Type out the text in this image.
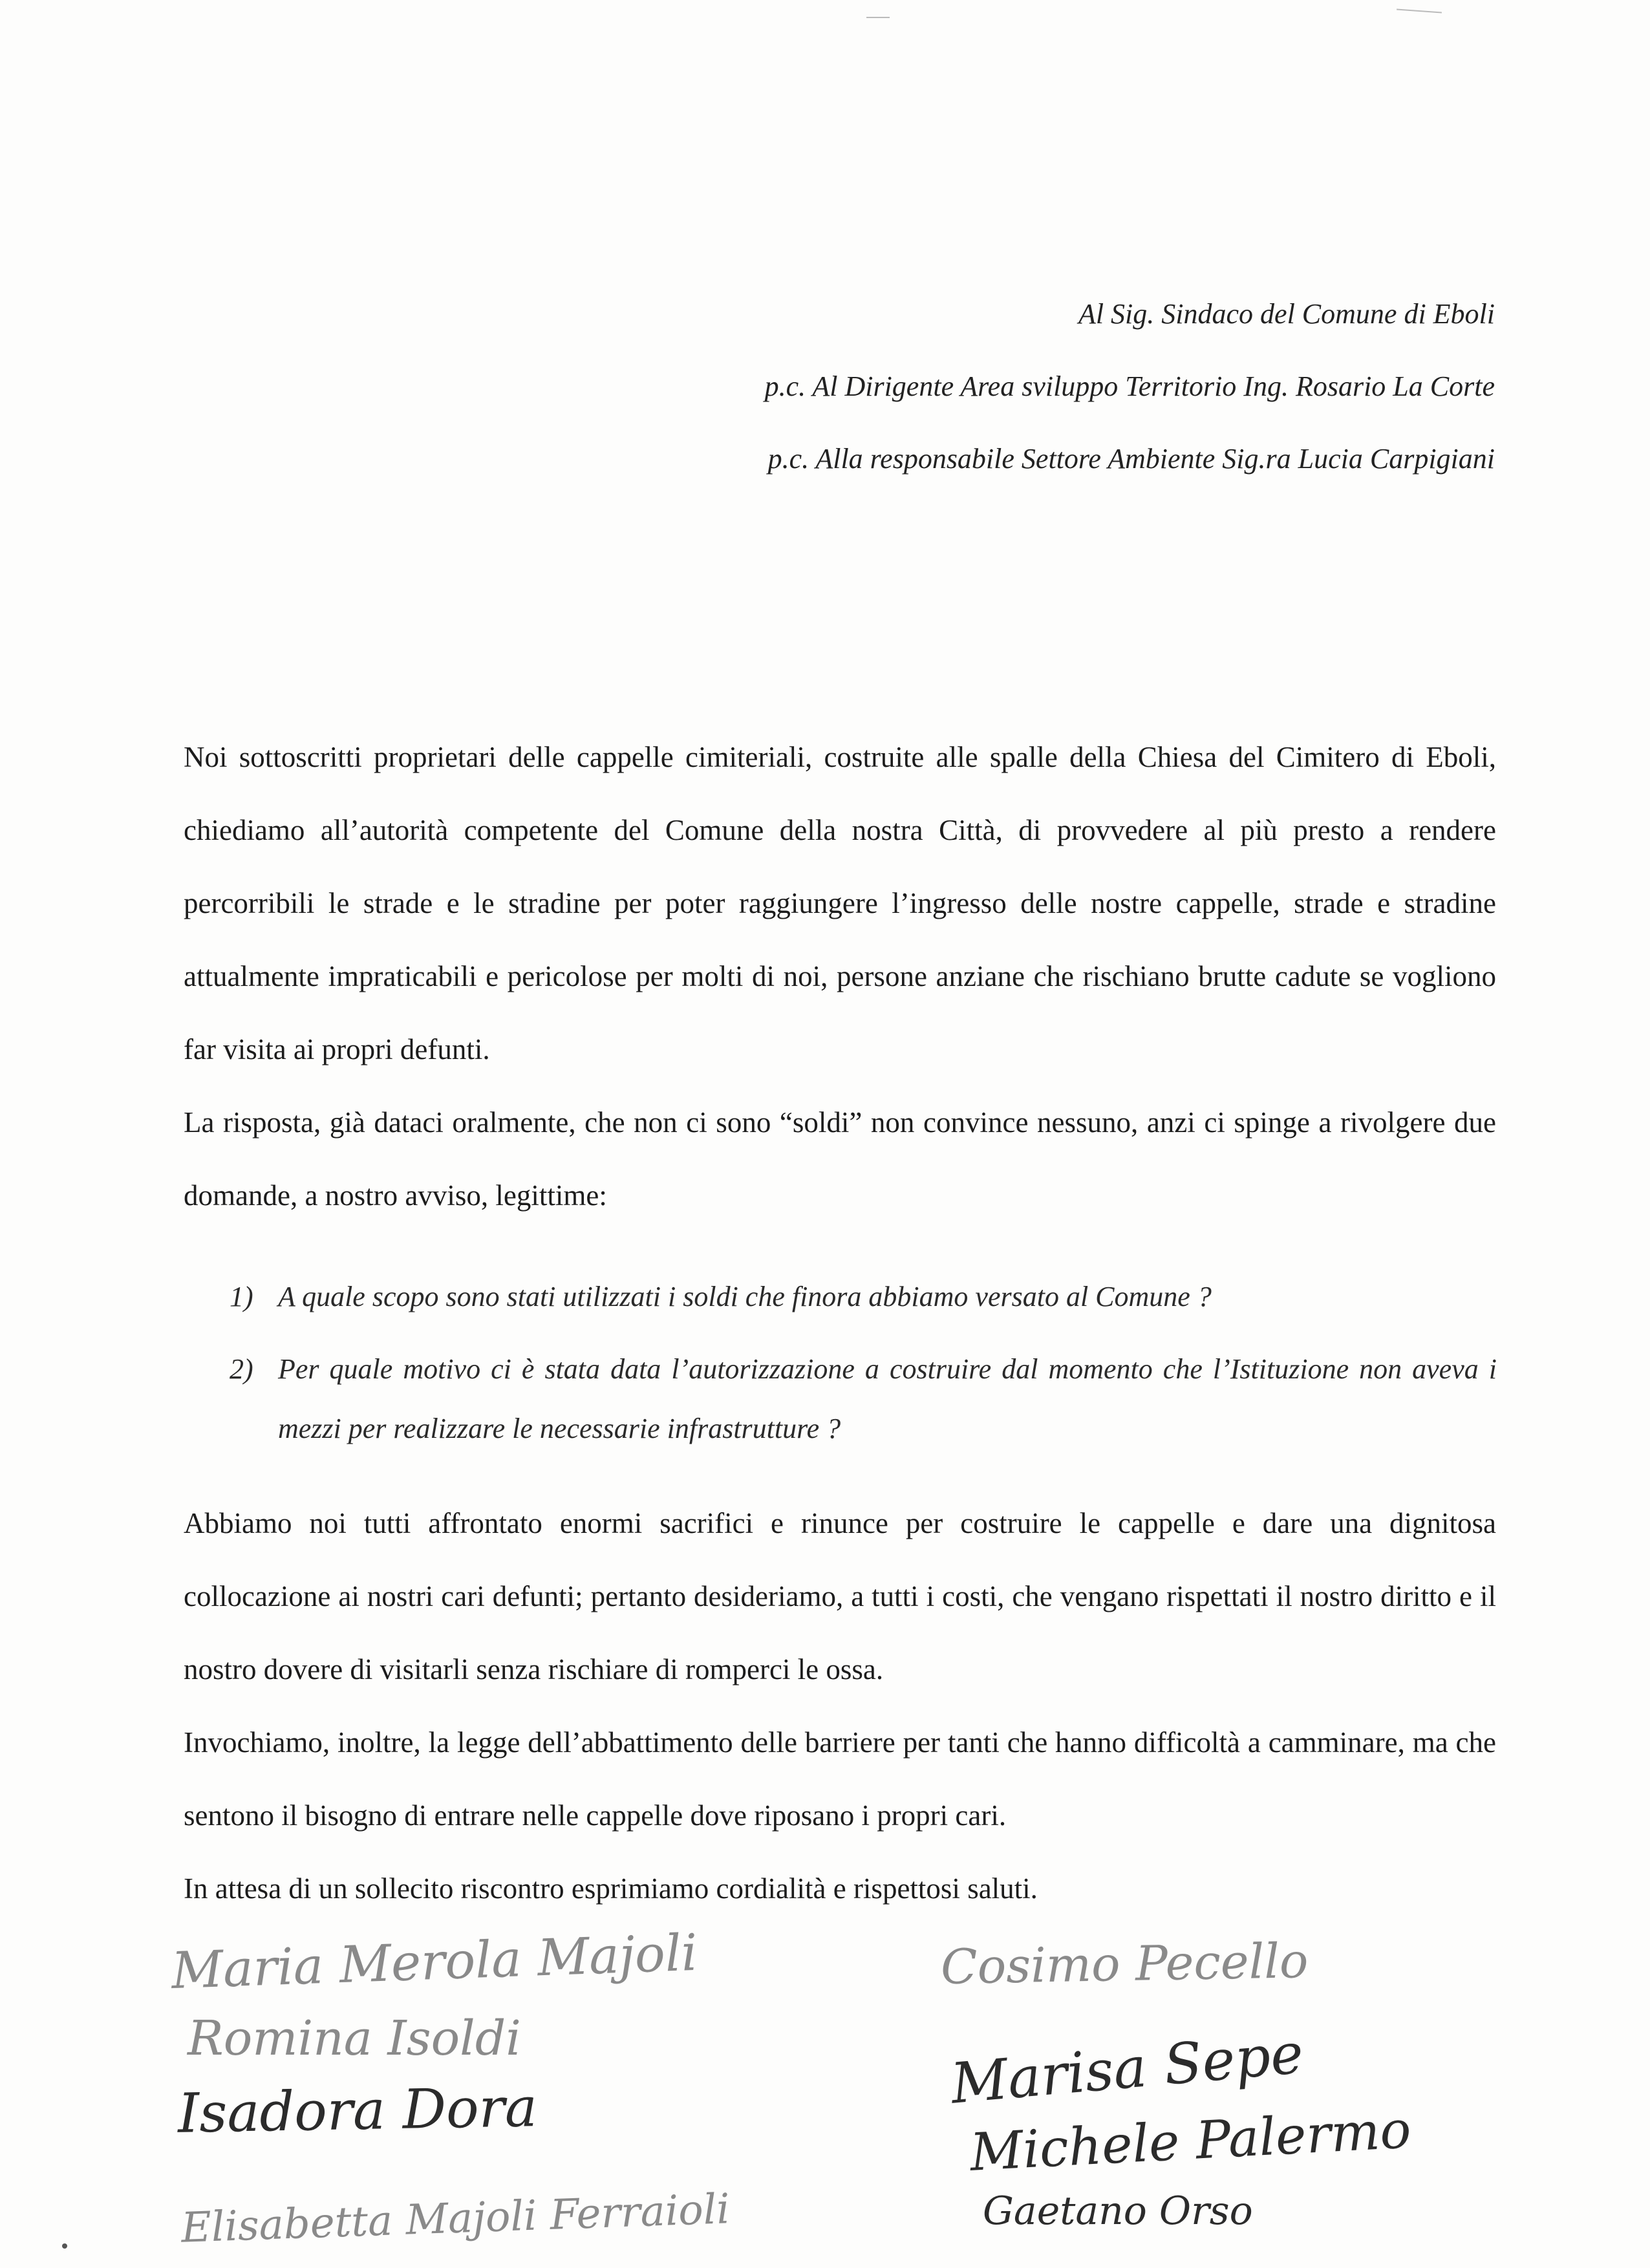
Al Sig. Sindaco del Comune di Eboli
p.c. Al Dirigente Area sviluppo Territorio Ing. Rosario La Corte
p.c. Alla responsabile Settore Ambiente Sig.ra Lucia Carpigiani

Noi sottoscritti proprietari delle cappelle cimiteriali, costruite alle spalle della Chiesa del Cimitero di Eboli, chiediamo all’autorità competente del Comune della nostra Città, di provvedere al più presto a rendere percorribili le strade e le stradine per poter raggiungere l’ingresso delle nostre cappelle, strade e stradine attualmente impraticabili e pericolose per molti di noi, persone anziane che rischiano brutte cadute se vogliono far visita ai propri defunti.

La risposta, già dataci oralmente, che non ci sono “soldi” non convince nessuno, anzi ci spinge a rivolgere due domande, a nostro avviso, legittime:

1) A quale scopo sono stati utilizzati i soldi che finora abbiamo versato al Comune ?
2) Per quale motivo ci è stata data l’autorizzazione a costruire dal momento che l’Istituzione non aveva i mezzi per realizzare le necessarie infrastrutture ?

Abbiamo noi tutti affrontato enormi sacrifici e rinunce per costruire le cappelle e dare una dignitosa collocazione ai nostri cari defunti; pertanto desideriamo, a tutti i costi, che vengano rispettati il nostro diritto e il nostro dovere di visitarli senza rischiare di romperci le ossa.

Invochiamo, inoltre, la legge dell’abbattimento delle barriere per tanti che hanno difficoltà a camminare, ma che sentono il bisogno di entrare nelle cappelle dove riposano i propri cari.

In attesa di un sollecito riscontro esprimiamo cordialità e rispettosi saluti.

Maria Merola Majoli
Romina Isoldi
Isadora Dora
Elisabetta Majoli Ferraioli
Cosimo Pecello
Marisa Sepe
Michele Palermo
Gaetano Orso
